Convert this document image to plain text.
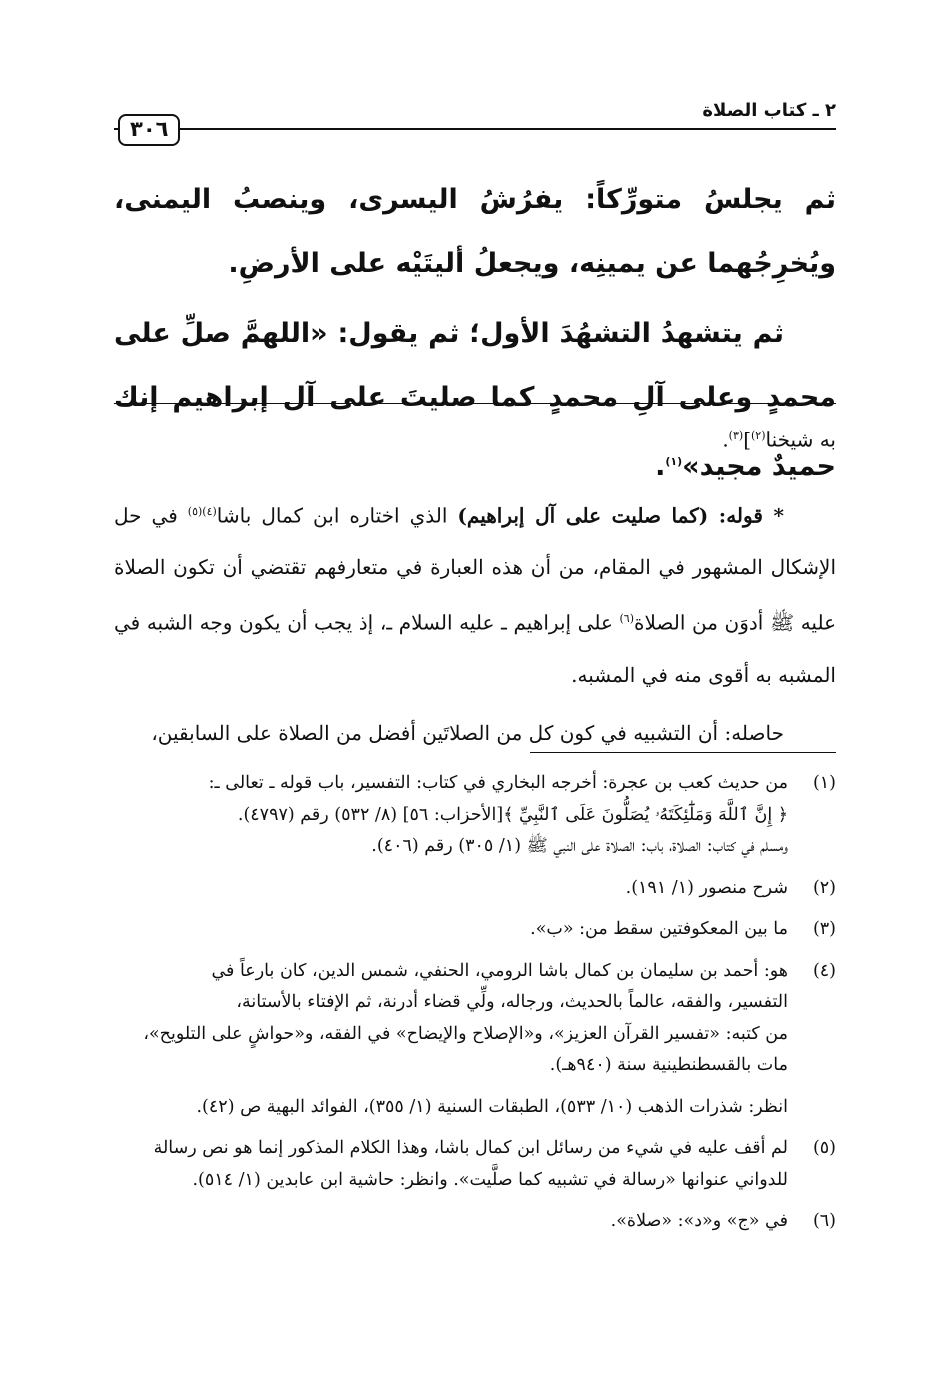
٢ ـ كتاب الصلاة
٣٠٦

ثم يجلسُ متورِّكاً: يفرُشُ اليسرى، وينصبُ اليمنى، ويُخرِجُهما عن يمينِه، ويجعلُ أليتَيْه على الأرضِ.

ثم يتشهدُ التشهُدَ الأول؛ ثم يقول: «اللهمَّ صلِّ على محمدٍ وعلى آلِ محمدٍ كما صليتَ على آل إبراهيم إنك حميدٌ مجيد»$^{(١)}$.

به شيخنا$^{(٢)}$]$^{(٣)}$.

* قوله: (كما صليت على آل إبراهيم) الذي اختاره ابن كمال باشا$^{(٤)(٥)}$ في حل الإشكال المشهور في المقام، من أن هذه العبارة في متعارفهم تقتضي أن تكون الصلاة عليه ﷺ أدوَن من الصلاة$^{(٦)}$ على إبراهيم ـ عليه السلام ـ، إذ يجب أن يكون وجه الشبه في المشبه به أقوى منه في المشبه.

حاصله: أن التشبيه في كون كل من الصلاتَين أفضل من الصلاة على السابقين،

(١)
من حديث كعب بن عجرة: أخرجه البخاري في كتاب: التفسير، باب قوله ـ تعالى ـ:
﴿ إِنَّ ٱللَّهَ وَمَلَٰٓئِكَتَهُۥ يُصَلُّونَ عَلَى ٱلنَّبِيِّ ﴾[الأحزاب: ٥٦] (٨/ ٥٣٢) رقم (٤٧٩٧).
ومسلم في كتاب: الصلاة، باب: الصلاة على النبي ﷺ (١/ ٣٠٥) رقم (٤٠٦).
(٢)
شرح منصور (١/ ١٩١).
(٣)
ما بين المعكوفتين سقط من: «ب».
(٤)
هو: أحمد بن سليمان بن كمال باشا الرومي، الحنفي، شمس الدين، كان بارعاً في
التفسير، والفقه، عالماً بالحديث، ورجاله، ولِّي قضاء أدرنة، ثم الإفتاء بالأستانة،
من كتبه: «تفسير القرآن العزيز»، و«الإصلاح والإيضاح» في الفقه، و«حواشٍ على التلويح»،
مات بالقسطنطينية سنة (٩٤٠هـ).
انظر: شذرات الذهب (١٠/ ٥٣٣)، الطبقات السنية (١/ ٣٥٥)، الفوائد البهية ص (٤٢).
(٥)
لم أقف عليه في شيء من رسائل ابن كمال باشا، وهذا الكلام المذكور إنما هو نص رسالة
للدواني عنوانها «رسالة في تشبيه كما صلَّيت». وانظر: حاشية ابن عابدين (١/ ٥١٤).
(٦)
في «ج» و«د»: «صلاة».
